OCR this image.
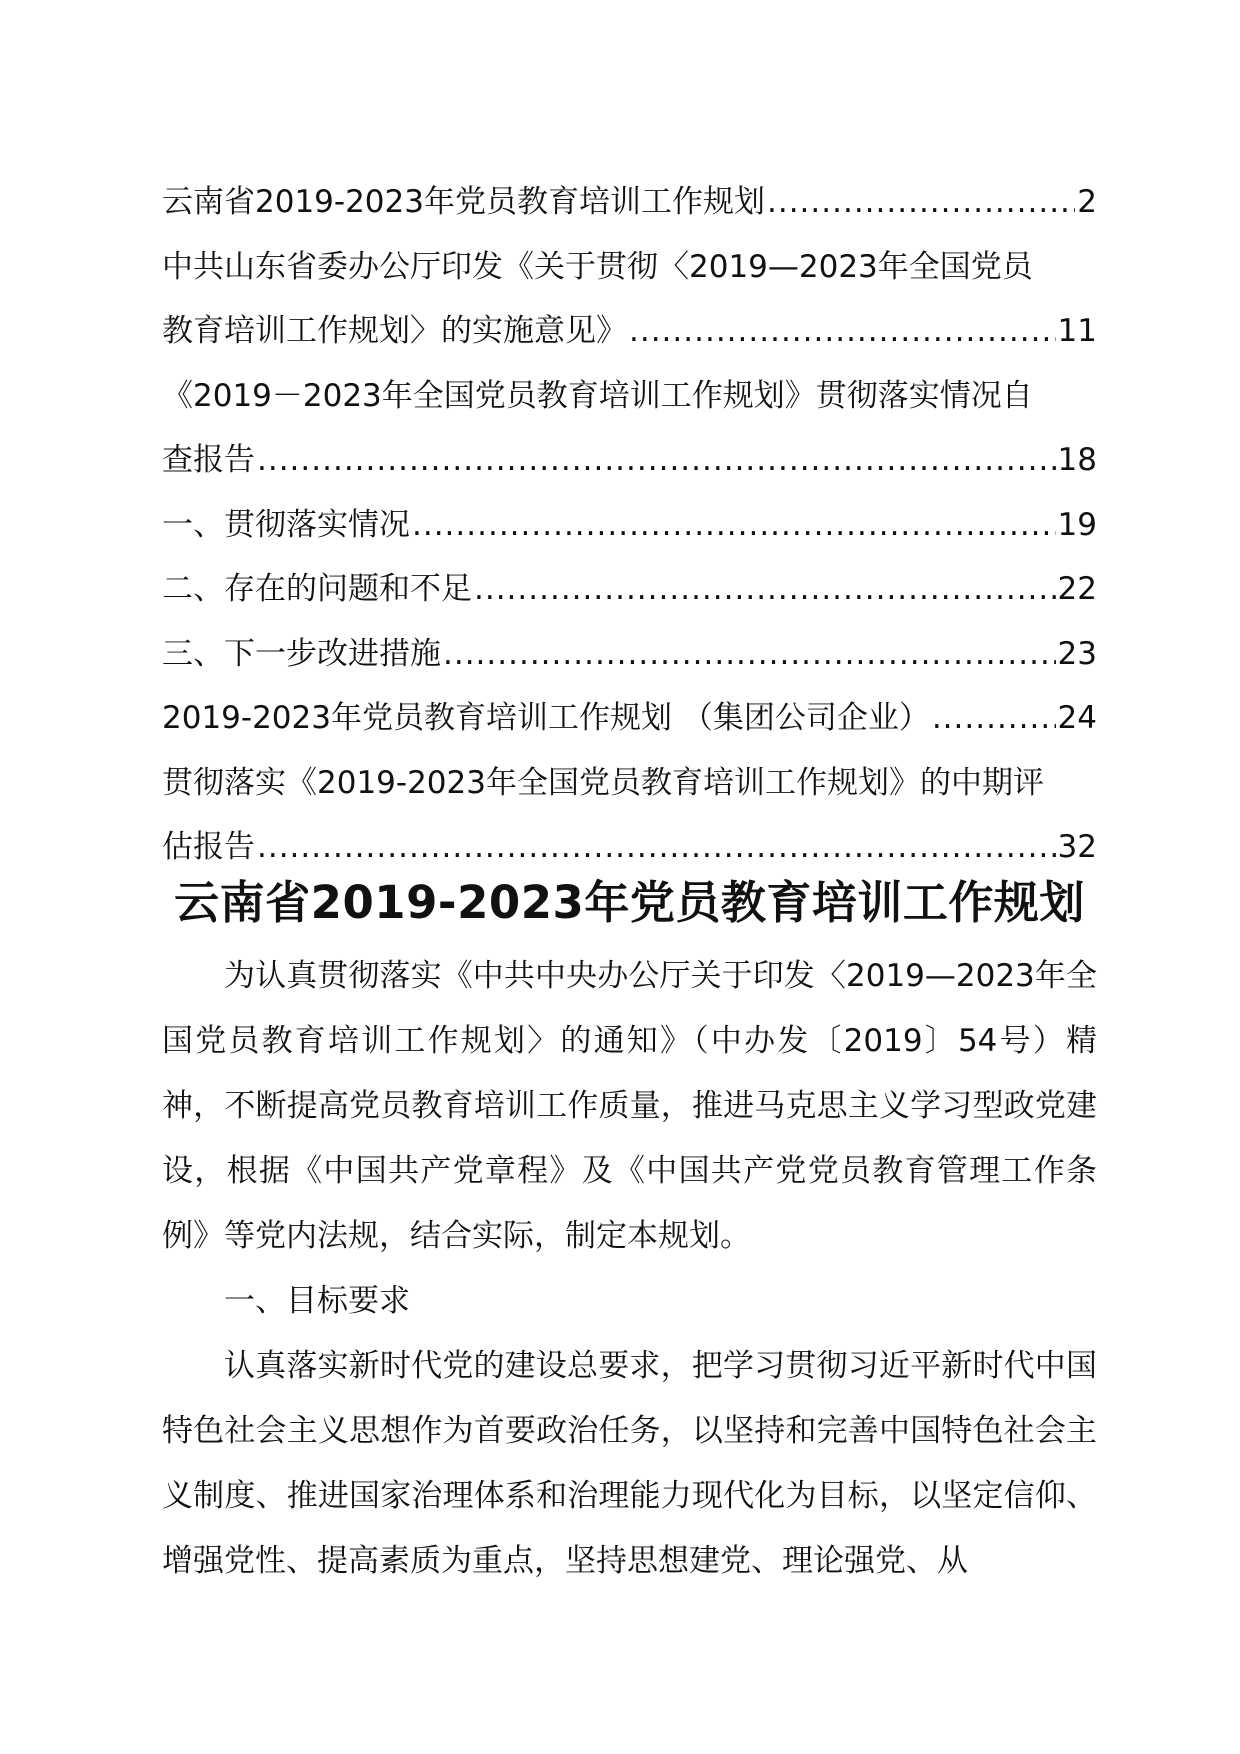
云南省2019-2023年党员教育培训工作规划 .....	2
中共山东省委办公厅印发《关于贯彻〈2019—2023年全国党员
教育培训工作规划〉的实施意见》 .....	11
《2019－2023年全国党员教育培训工作规划》贯彻落实情况自
查报告 .....	18
一、贯彻落实情况 .....	19
二、存在的问题和不足 .....	22
三、下一步改进措施 .....	23
2019-2023年党员教育培训工作规划 （集团公司企业） .....	24
贯彻落实《2019-2023年全国党员教育培训工作规划》的中期评
估报告 .....	32
云南省2019-2023年党员教育培训工作规划

为认真贯彻落实《中共中央办公厅关于印发〈2019—2023年全国党员教育培训工作规划〉的通知》（中办发〔2019〕54号）精神，不断提高党员教育培训工作质量，推进马克思主义学习型政党建设，根据《中国共产党章程》及《中国共产党党员教育管理工作条例》等党内法规，结合实际，制定本规划。

一、目标要求

认真落实新时代党的建设总要求，把学习贯彻习近平新时代中国特色社会主义思想作为首要政治任务，以坚持和完善中国特色社会主义制度、推进国家治理体系和治理能力现代化为目标，以坚定信仰、增强党性、提高素质为重点，坚持思想建党、理论强党、从
